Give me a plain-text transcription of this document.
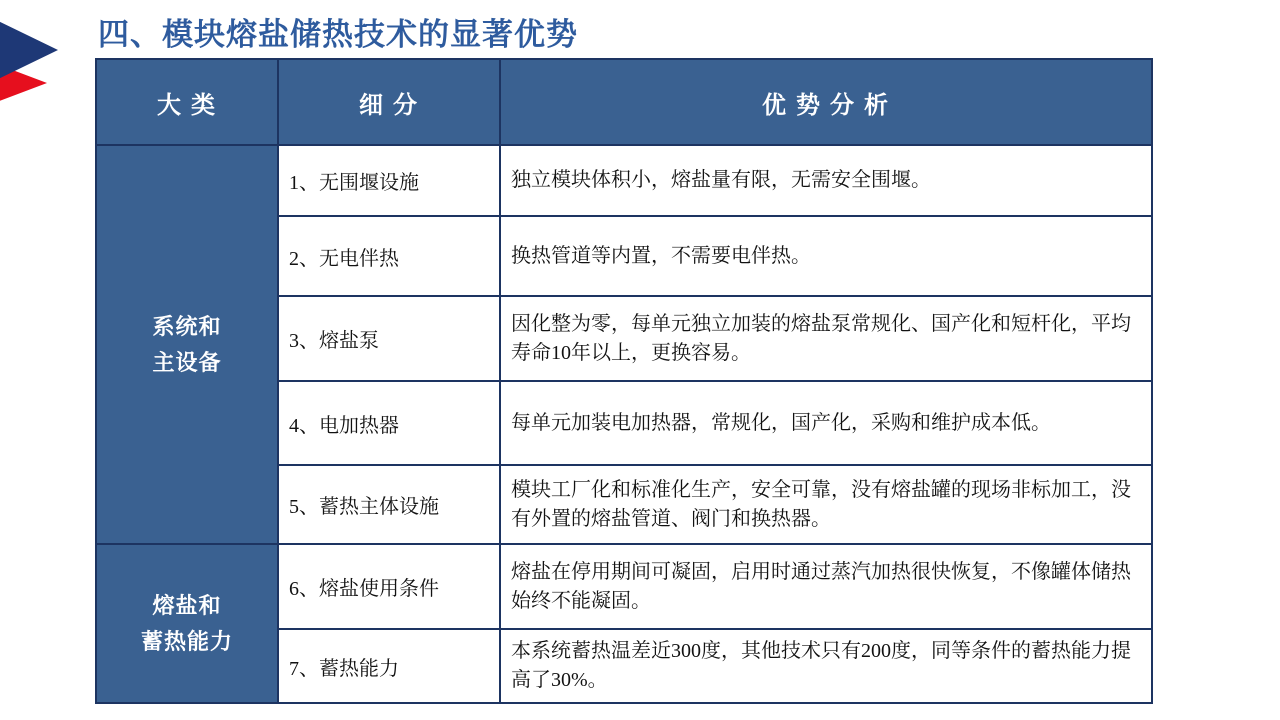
四、模块熔盐储热技术的显著优势
大 类	细 分	优 势 分 析

系统和
主设备	1、无围堰设施	独立模块体积小，熔盐量有限，无需安全围堰。
	2、无电伴热	换热管道等内置，不需要电伴热。
	3、熔盐泵	因化整为零，每单元独立加装的熔盐泵常规化、国产化和短杆化，平均寿命10年以上，更换容易。
	4、电加热器	每单元加装电加热器，常规化，国产化，采购和维护成本低。
	5、蓄热主体设施	模块工厂化和标准化生产，安全可靠，没有熔盐罐的现场非标加工，没有外置的熔盐管道、阀门和换热器。

熔盐和
蓄热能力	6、熔盐使用条件	熔盐在停用期间可凝固，启用时通过蒸汽加热很快恢复，不像罐体储热始终不能凝固。
	7、蓄热能力	本系统蓄热温差近300度，其他技术只有200度，同等条件的蓄热能力提高了30%。
